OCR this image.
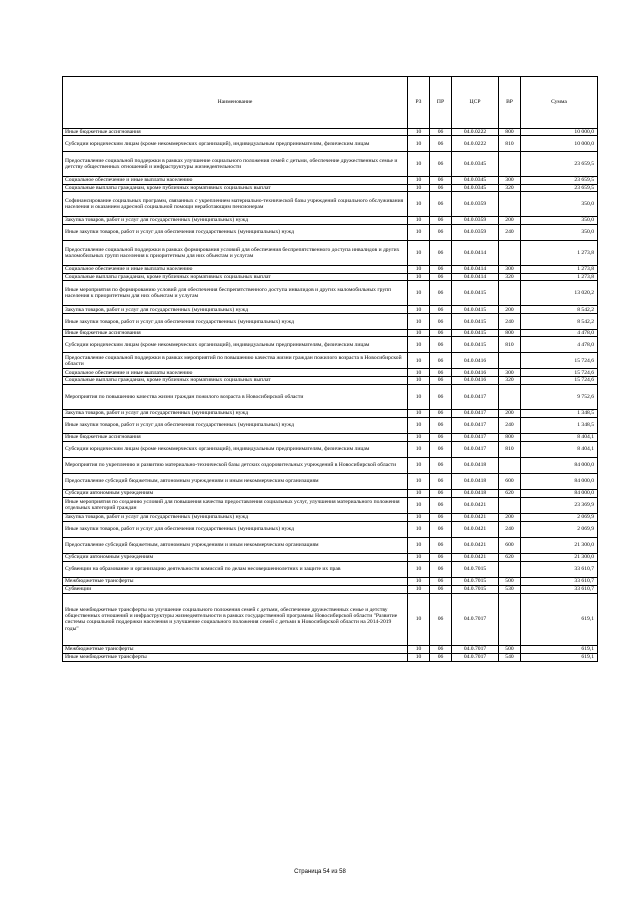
Наименование	РЗ	ПР	ЦСР	ВР	Сумма
Иные бюджетные ассигнования	10	06	04.0.0222	800	10 000,0
Субсидии юридическим лицам (кроме некоммерческих организаций), индивидуальным предпринимателям, физическим лицам	10	06	04.0.0222	810	10 000,0
Предоставление социальной поддержки в рамках улучшение социального положения семей с детьми, обеспечение дружественных семье и детству общественных отношений и инфраструктуры жизнедеятельности	10	06	04.0.0345		23 659,5
Социальное обеспечение и иные выплаты населению	10	06	04.0.0345	300	23 659,5
Социальные выплаты гражданам, кроме публичных нормативных социальных выплат	10	06	04.0.0345	320	23 659,5
Софинансирование социальных программ, связанных с укреплением материально-технической базы учреждений социального обслуживания населения и оказанием адресной социальной помощи неработающим пенсионерам	10	06	04.0.0359		350,0
Закупка товаров, работ и услуг для государственных (муниципальных) нужд	10	06	04.0.0359	200	350,0
Иные закупки товаров, работ и услуг для обеспечения государственных (муниципальных) нужд	10	06	04.0.0359	240	350,0
Предоставление социальной поддержки в рамках формирования условий для обеспечения беспрепятственного доступа инвалидов и других маломобильных групп населения к приоритетным для них объектам и услугам	10	06	04.0.0414		1 273,8
Социальное обеспечение и иные выплаты населению	10	06	04.0.0414	300	1 273,8
Социальные выплаты гражданам, кроме публичных нормативных социальных выплат	10	06	04.0.0414	320	1 273,8
Иные мероприятия по формированию условий для обеспечения беспрепятственного доступа инвалидов и других маломобильных групп населения к приоритетным для них объектам и услугам	10	06	04.0.0415		13 020,2
Закупка товаров, работ и услуг для государственных (муниципальных) нужд	10	06	04.0.0415	200	8 542,2
Иные закупки товаров, работ и услуг для обеспечения государственных (муниципальных) нужд	10	06	04.0.0415	240	8 542,2
Иные бюджетные ассигнования	10	06	04.0.0415	800	4 478,0
Субсидии юридическим лицам (кроме некоммерческих организаций), индивидуальным предпринимателям, физическим лицам	10	06	04.0.0415	810	4 478,0
Предоставление социальной поддержки в рамках мероприятий по повышению качества жизни граждан пожилого возраста в Новосибирской области	10	06	04.0.0416		15 724,6
Социальное обеспечение и иные выплаты населению	10	06	04.0.0416	300	15 724,6
Социальные выплаты гражданам, кроме публичных нормативных социальных выплат	10	06	04.0.0416	320	15 724,6
Мероприятия по повышению качества жизни граждан пожилого возраста в Новосибирской области	10	06	04.0.0417		9 752,6
Закупка товаров, работ и услуг для государственных (муниципальных) нужд	10	06	04.0.0417	200	1 348,5
Иные закупки товаров, работ и услуг для обеспечения государственных (муниципальных) нужд	10	06	04.0.0417	240	1 348,5
Иные бюджетные ассигнования	10	06	04.0.0417	800	8 404,1
Субсидии юридическим лицам (кроме некоммерческих организаций), индивидуальным предпринимателям, физическим лицам	10	06	04.0.0417	810	8 404,1
Мероприятия по укреплению и развитию материально-технической базы детских оздоровительных учреждений в Новосибирской области	10	06	04.0.0418		84 000,0
Предоставление субсидий бюджетным, автономным учреждениям и иным некоммерческим организациям	10	06	04.0.0418	600	84 000,0
Субсидии автономным учреждениям	10	06	04.0.0418	620	84 000,0
Иные мероприятия по созданию условий для повышения качества предоставления социальных услуг, улучшения материального положения отдельных категорий граждан	10	06	04.0.0421		23 369,9
Закупка товаров, работ и услуг для государственных (муниципальных) нужд	10	06	04.0.0421	200	2 069,9
Иные закупки товаров, работ и услуг для обеспечения государственных (муниципальных) нужд	10	06	04.0.0421	240	2 069,9
Предоставление субсидий бюджетным, автономным учреждениям и иным некоммерческим организациям	10	06	04.0.0421	600	21 300,0
Субсидии автономным учреждениям	10	06	04.0.0421	620	21 300,0
Субвенции на образование и организацию деятельности комиссий по делам несовершеннолетних и защите их прав	10	06	04.0.7015		33 610,7
Межбюджетные трансферты	10	06	04.0.7015	500	33 610,7
Субвенции	10	06	04.0.7015	530	33 610,7
Иные межбюджетные трансферты на улучшение социального положения семей с детьми, обеспечение дружественных семье и детству общественных отношений и инфраструктуры жизнедеятельности в рамках государственной программы Новосибирской области "Развитие системы социальной поддержки населения и улучшение социального положения семей с детьми в Новосибирской области на 2014-2019 годы"	10	06	04.0.7017		619,1
Межбюджетные трансферты	10	06	04.0.7017	500	619,1
Иные межбюджетные трансферты	10	06	04.0.7017	540	619,1
Страница 54 из 58
